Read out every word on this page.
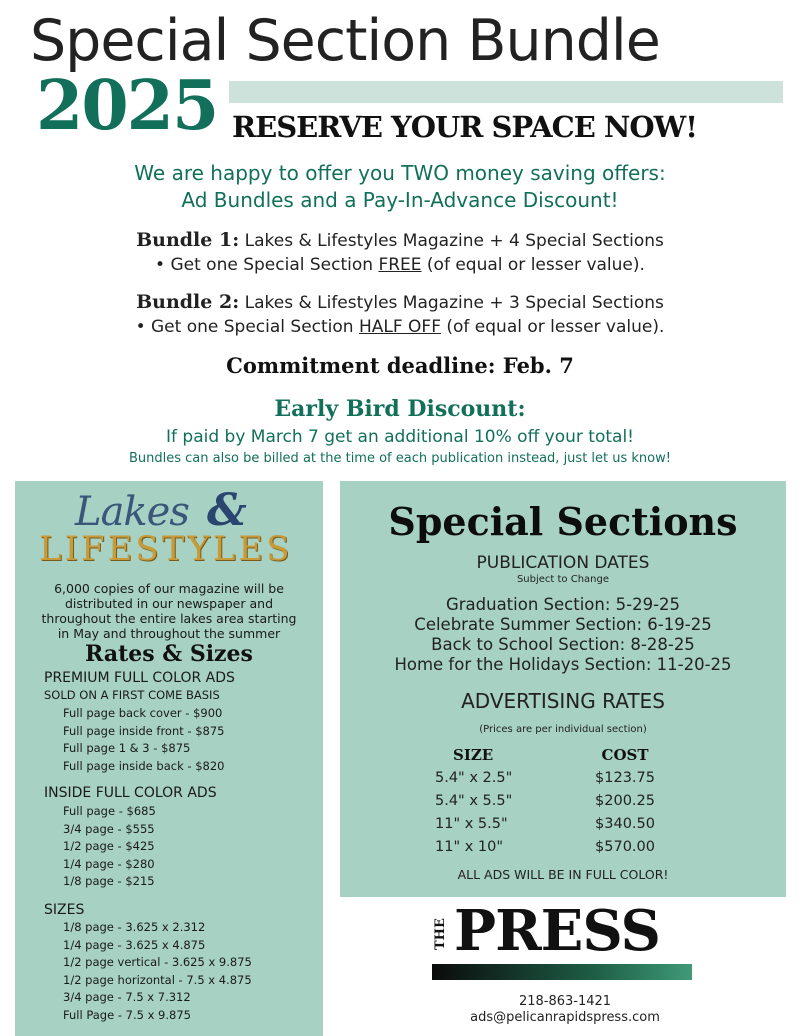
Special Section Bundle
2025 RESERVE YOUR SPACE NOW!
We are happy to offer you TWO money saving offers:
Ad Bundles and a Pay-In-Advance Discount!
Bundle 1: Lakes & Lifestyles Magazine + 4 Special Sections
• Get one Special Section FREE (of equal or lesser value).
Bundle 2: Lakes & Lifestyles Magazine + 3 Special Sections
• Get one Special Section HALF OFF (of equal or lesser value).
Commitment deadline: Feb. 7
Early Bird Discount:
If paid by March 7 get an additional 10% off your total!
Bundles can also be billed at the time of each publication instead, just let us know!
Lakes &
LIFESTYLES
6,000 copies of our magazine will be
distributed in our newspaper and
throughout the entire lakes area starting
in May and throughout the summer
Rates & Sizes
PREMIUM FULL COLOR ADS
SOLD ON A FIRST COME BASIS
Full page back cover - $900
Full page inside front - $875
Full page 1 & 3 - $875
Full page inside back - $820
INSIDE FULL COLOR ADS
Full page - $685
3/4 page - $555
1/2 page - $425
1/4 page - $280
1/8 page - $215
SIZES
1/8 page - 3.625 x 2.312
1/4 page - 3.625 x 4.875
1/2 page vertical - 3.625 x 9.875
1/2 page horizontal - 7.5 x 4.875
3/4 page - 7.5 x 7.312
Full Page - 7.5 x 9.875
Special Sections
PUBLICATION DATES
Subject to Change
Graduation Section: 5-29-25
Celebrate Summer Section: 6-19-25
Back to School Section: 8-28-25
Home for the Holidays Section: 11-20-25
ADVERTISING RATES
(Prices are per individual section)
SIZE	COST
5.4" x 2.5"	$123.75
5.4" x 5.5"	$200.25
11" x 5.5"	$340.50
11" x 10"	$570.00
ALL ADS WILL BE IN FULL COLOR!
THE PRESS
218-863-1421
ads@pelicanrapidspress.com
